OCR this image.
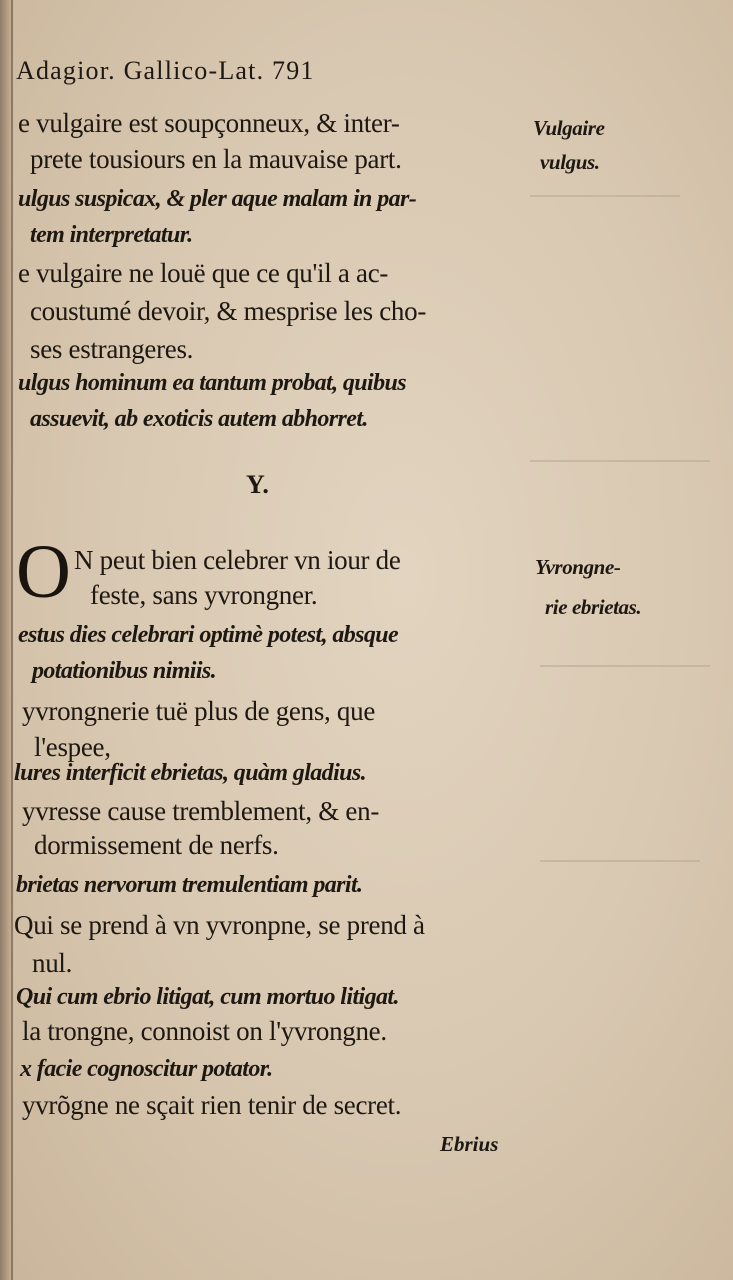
Adagior. Gallico-Lat. 791
e vulgaire est soupçonneux, & inter-
prete tousiours en la mauvaise part.
ulgus suspicax, & pler aque malam in par-
tem interpretatur.
e vulgaire ne louë que ce qu'il a ac-
coustumé devoir, & mesprise les cho-
ses estrangeres.
ulgus hominum ea tantum probat, quibus
assuevit, ab exoticis autem abhorret.
Vulgaire
vulgus.
Y.
O N peut bien celebrer vn iour de
feste, sans yvrongner.
estus dies celebrari optimè potest, absque
potationibus nimiis.
yvrongnerie tuë plus de gens, que
l'espee,
lures interficit ebrietas, quàm gladius.
yvresse cause tremblement, & en-
dormissement de nerfs.
brietas nervorum tremulentiam parit.
Qui se prend à vn yvronpne, se prend à
nul.
Qui cum ebrio litigat, cum mortuo litigat.
la trongne, connoist on l'yvrongne.
x facie cognoscitur potator.
yvrõgne ne sçait rien tenir de secret.
Yvrongne-
rie ebrietas.
Ebrius
